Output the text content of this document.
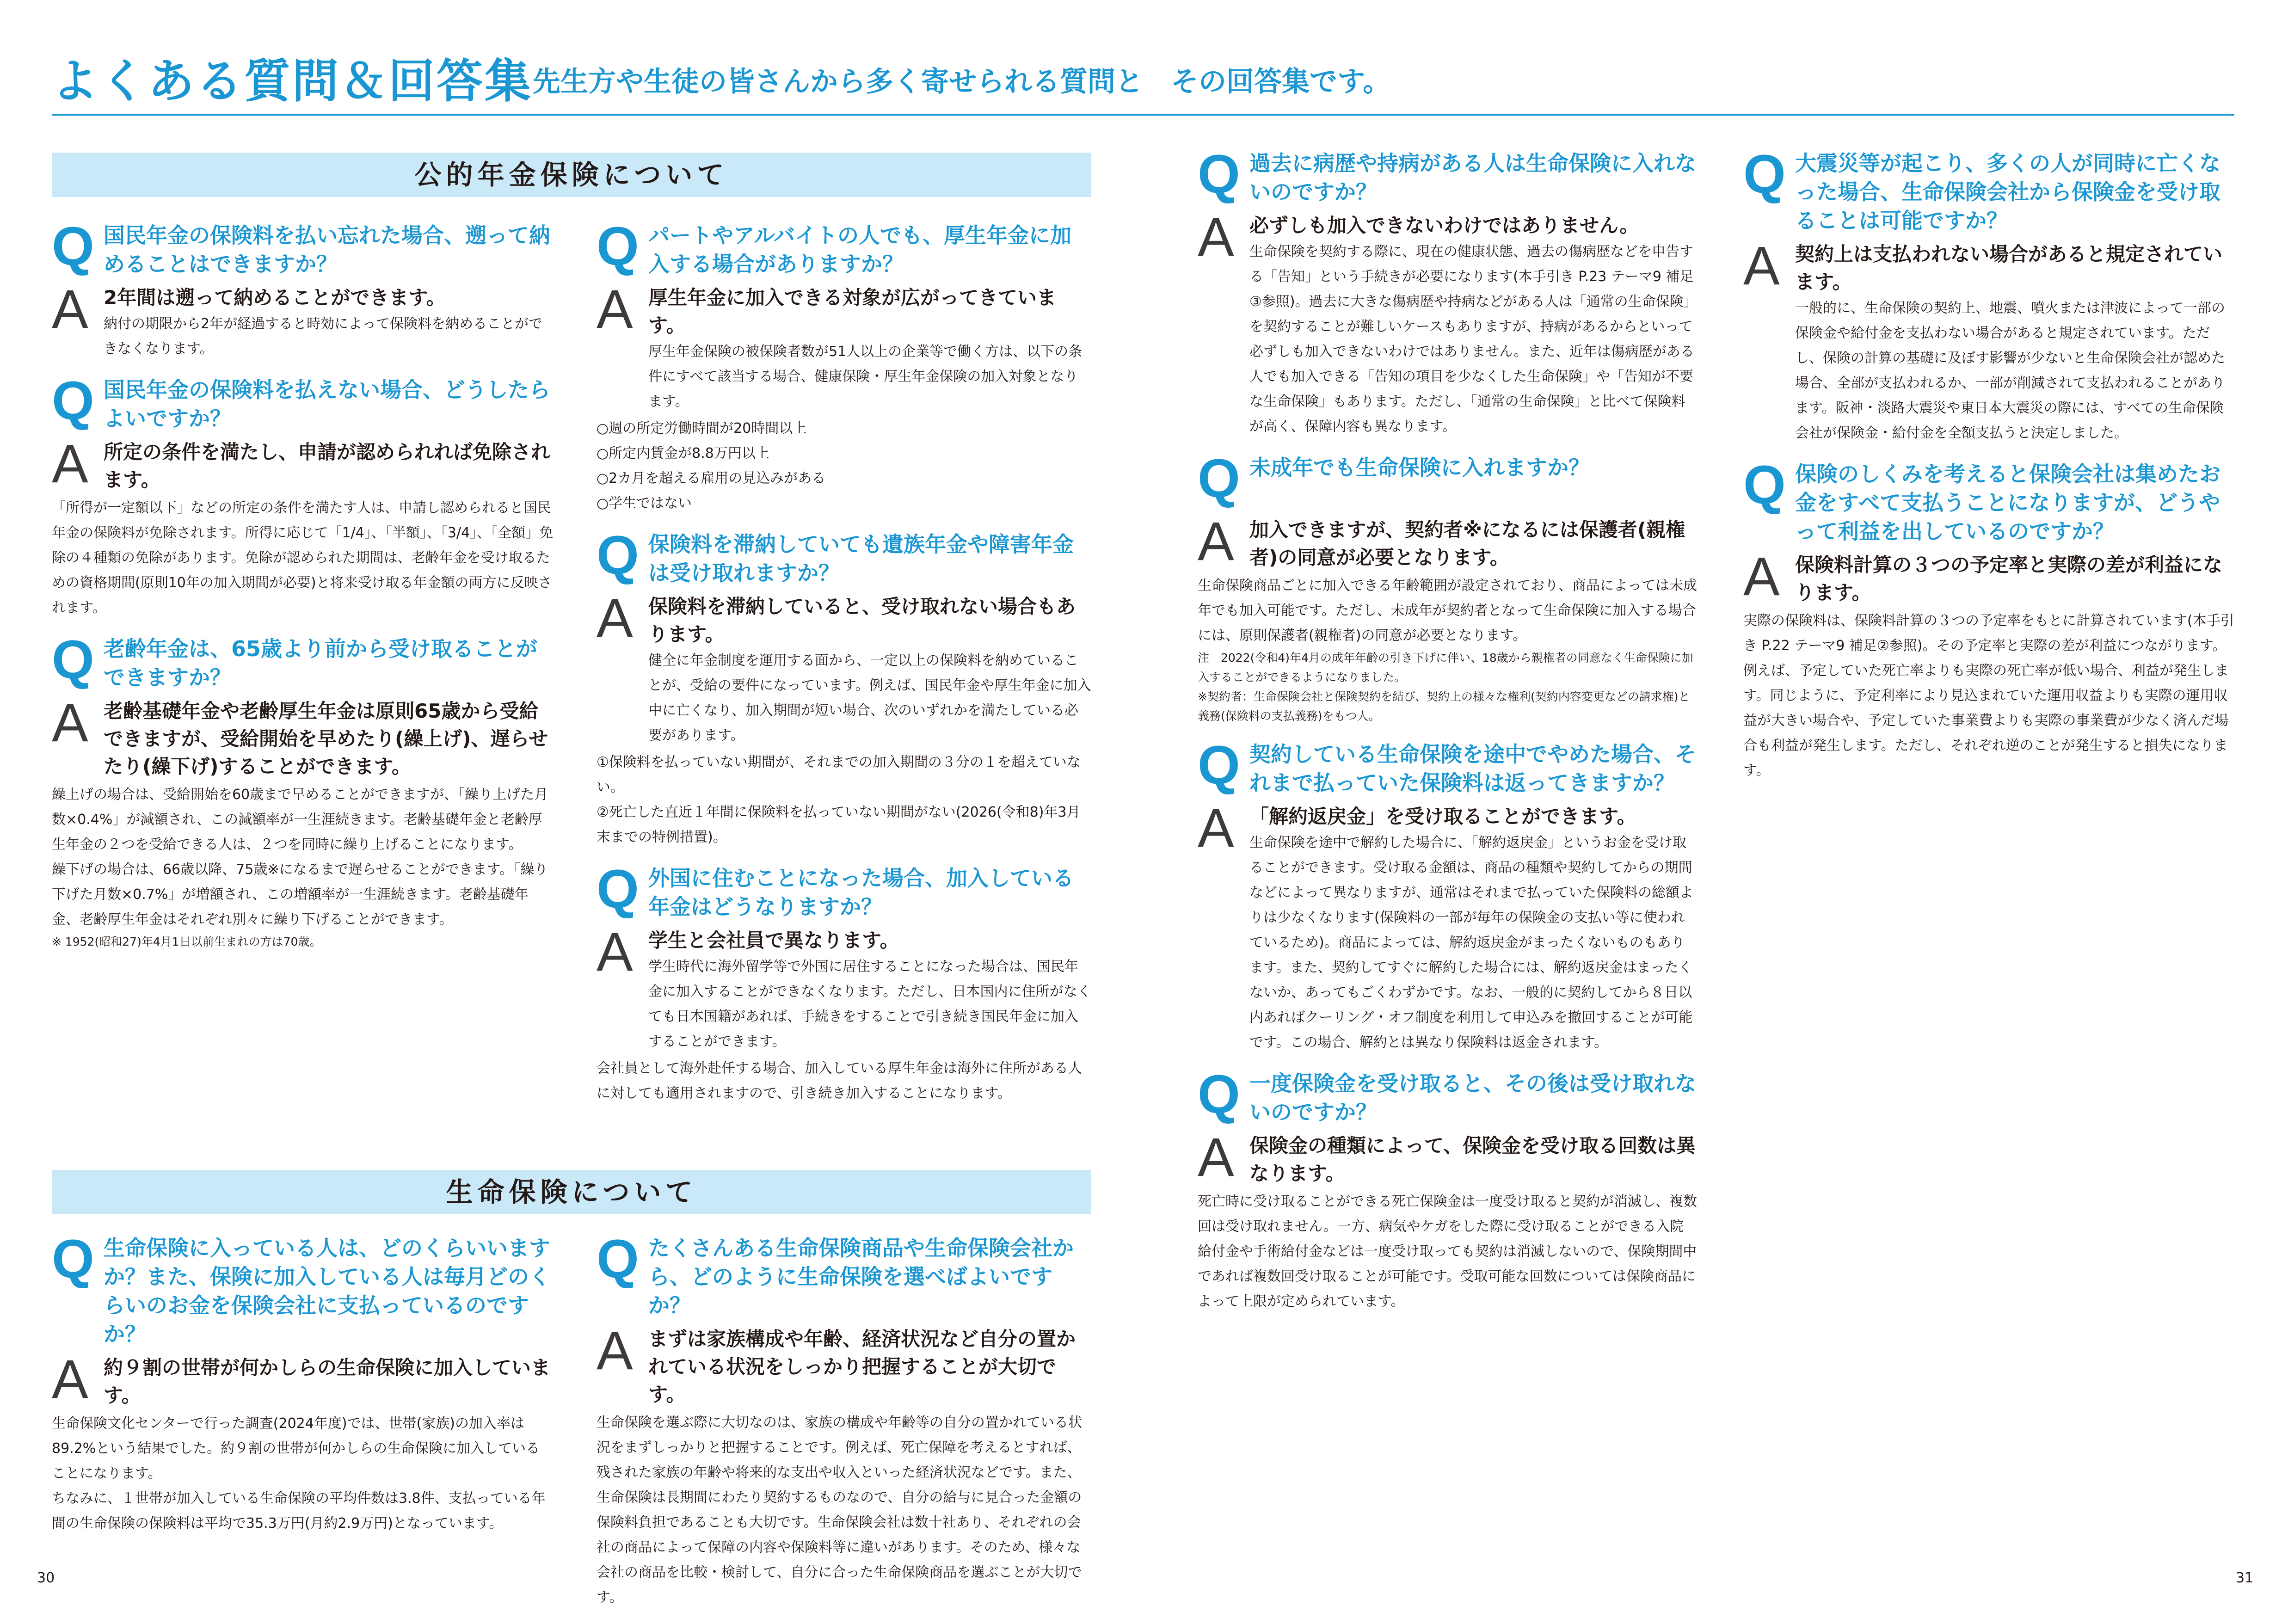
よくある質問＆回答集 先生方や生徒の皆さんから多く寄せられる質問と　その回答集です。
公的年金保険について
生命保険について
Q 国民年金の保険料を払い忘れた場合、遡って納めることはできますか？
A 2年間は遡って納めることができます。
納付の期限から2年が経過すると時効によって保険料を納めることができなくなります。
Q 国民年金の保険料を払えない場合、どうしたらよいですか？
A 所定の条件を満たし、申請が認められれば免除されます。

「所得が一定額以下」などの所定の条件を満たす人は、申請し認められると国民年金の保険料が免除されます。所得に応じて「1/4」、「半額」、「3/4」、「全額」免除の４種類の免除があります。免除が認められた期間は、老齢年金を受け取るための資格期間(原則10年の加入期間が必要)と将来受け取る年金額の両方に反映されます。

Q 老齢年金は、65歳より前から受け取ることができますか？
A 老齢基礎年金や老齢厚生年金は原則65歳から受給できますが、受給開始を早めたり(繰上げ)、遅らせたり(繰下げ)することができます。

繰上げの場合は、受給開始を60歳まで早めることができますが、「繰り上げた月数×0.4%」が減額され、この減額率が一生涯続きます。老齢基礎年金と老齢厚生年金の２つを受給できる人は、２つを同時に繰り上げることになります。

繰下げの場合は、66歳以降、75歳※になるまで遅らせることができます。「繰り下げた月数×0.7%」が増額され、この増額率が一生涯続きます。老齢基礎年金、老齢厚生年金はそれぞれ別々に繰り下げることができます。

※ 1952(昭和27)年4月1日以前生まれの方は70歳。
Q パートやアルバイトの人でも、厚生年金に加入する場合がありますか？
A 厚生年金に加入できる対象が広がってきています。
厚生年金保険の被保険者数が51人以上の企業等で働く方は、以下の条件にすべて該当する場合、健康保険・厚生年金保険の加入対象となります。

○週の所定労働時間が20時間以上

○所定内賃金が8.8万円以上

○2カ月を超える雇用の見込みがある

○学生ではない

Q 保険料を滞納していても遺族年金や障害年金は受け取れますか？
A 保険料を滞納していると、受け取れない場合もあります。
健全に年金制度を運用する面から、一定以上の保険料を納めていることが、受給の要件になっています。例えば、国民年金や厚生年金に加入中に亡くなり、加入期間が短い場合、次のいずれかを満たしている必要があります。

①保険料を払っていない期間が、それまでの加入期間の３分の１を超えていない。

②死亡した直近１年間に保険料を払っていない期間がない(2026(令和8)年3月末までの特例措置)。

Q 外国に住むことになった場合、加入している年金はどうなりますか？
A 学生と会社員で異なります。
学生時代に海外留学等で外国に居住することになった場合は、国民年金に加入することができなくなります。ただし、日本国内に住所がなくても日本国籍があれば、手続きをすることで引き続き国民年金に加入することができます。

会社員として海外赴任する場合、加入している厚生年金は海外に住所がある人に対しても適用されますので、引き続き加入することになります。

Q 生命保険に入っている人は、どのくらいいますか？また、保険に加入している人は毎月どのくらいのお金を保険会社に支払っているのですか？
A 約９割の世帯が何かしらの生命保険に加入しています。

生命保険文化センターで行った調査(2024年度)では、世帯(家族)の加入率は89.2%という結果でした。約９割の世帯が何かしらの生命保険に加入していることになります。

ちなみに、１世帯が加入している生命保険の平均件数は3.8件、支払っている年間の生命保険の保険料は平均で35.3万円(月約2.9万円)となっています。

Q たくさんある生命保険商品や生命保険会社から、どのように生命保険を選べばよいですか？
A まずは家族構成や年齢、経済状況など自分の置かれている状況をしっかり把握することが大切です。

生命保険を選ぶ際に大切なのは、家族の構成や年齢等の自分の置かれている状況をまずしっかりと把握することです。例えば、死亡保障を考えるとすれば、残された家族の年齢や将来的な支出や収入といった経済状況などです。また、生命保険は長期間にわたり契約するものなので、自分の給与に見合った金額の保険料負担であることも大切です。生命保険会社は数十社あり、それぞれの会社の商品によって保障の内容や保険料等に違いがあります。そのため、様々な会社の商品を比較・検討して、自分に合った生命保険商品を選ぶことが大切です。

Q 過去に病歴や持病がある人は生命保険に入れないのですか？
A 必ずしも加入できないわけではありません。
生命保険を契約する際に、現在の健康状態、過去の傷病歴などを申告する「告知」という手続きが必要になります(本手引き P.23 テーマ9 補足③参照)。過去に大きな傷病歴や持病などがある人は「通常の生命保険」を契約することが難しいケースもありますが、持病があるからといって必ずしも加入できないわけではありません。また、近年は傷病歴がある人でも加入できる「告知の項目を少なくした生命保険」や「告知が不要な生命保険」もあります。ただし、「通常の生命保険」と比べて保険料が高く、保障内容も異なります。
Q 未成年でも生命保険に入れますか？
A 加入できますが、契約者※になるには保護者(親権者)の同意が必要となります。

生命保険商品ごとに加入できる年齢範囲が設定されており、商品によっては未成年でも加入可能です。ただし、未成年が契約者となって生命保険に加入する場合には、原則保護者(親権者)の同意が必要となります。

注　2022(令和4)年4月の成年年齢の引き下げに伴い、18歳から親権者の同意なく生命保険に加入することができるようになりました。
※契約者：生命保険会社と保険契約を結び、契約上の様々な権利(契約内容変更などの請求権)と義務(保険料の支払義務)をもつ人。
Q 契約している生命保険を途中でやめた場合、それまで払っていた保険料は返ってきますか？
A 「解約返戻金」を受け取ることができます。
生命保険を途中で解約した場合に、「解約返戻金」というお金を受け取ることができます。受け取る金額は、商品の種類や契約してからの期間などによって異なりますが、通常はそれまで払っていた保険料の総額よりは少なくなります(保険料の一部が毎年の保険金の支払い等に使われているため)。商品によっては、解約返戻金がまったくないものもあります。また、契約してすぐに解約した場合には、解約返戻金はまったくないか、あってもごくわずかです。なお、一般的に契約してから８日以内あればクーリング・オフ制度を利用して申込みを撤回することが可能です。この場合、解約とは異なり保険料は返金されます。
Q 一度保険金を受け取ると、その後は受け取れないのですか？
A 保険金の種類によって、保険金を受け取る回数は異なります。

死亡時に受け取ることができる死亡保険金は一度受け取ると契約が消滅し、複数回は受け取れません。一方、病気やケガをした際に受け取ることができる入院給付金や手術給付金などは一度受け取っても契約は消滅しないので、保険期間中であれば複数回受け取ることが可能です。受取可能な回数については保険商品によって上限が定められています。

Q 大震災等が起こり、多くの人が同時に亡くなった場合、生命保険会社から保険金を受け取ることは可能ですか？
A 契約上は支払われない場合があると規定されています。
一般的に、生命保険の契約上、地震、噴火または津波によって一部の保険金や給付金を支払わない場合があると規定されています。ただし、保険の計算の基礎に及ぼす影響が少ないと生命保険会社が認めた場合、全部が支払われるか、一部が削減されて支払われることがあります。阪神・淡路大震災や東日本大震災の際には、すべての生命保険会社が保険金・給付金を全額支払うと決定しました。
Q 保険のしくみを考えると保険会社は集めたお金をすべて支払うことになりますが、どうやって利益を出しているのですか？
A 保険料計算の３つの予定率と実際の差が利益になります。

実際の保険料は、保険料計算の３つの予定率をもとに計算されています(本手引き P.22 テーマ9 補足②参照)。その予定率と実際の差が利益につながります。例えば、予定していた死亡率よりも実際の死亡率が低い場合、利益が発生します。同じように、予定利率により見込まれていた運用収益よりも実際の運用収益が大きい場合や、予定していた事業費よりも実際の事業費が少なく済んだ場合も利益が発生します。ただし、それぞれ逆のことが発生すると損失になります。

30	31
